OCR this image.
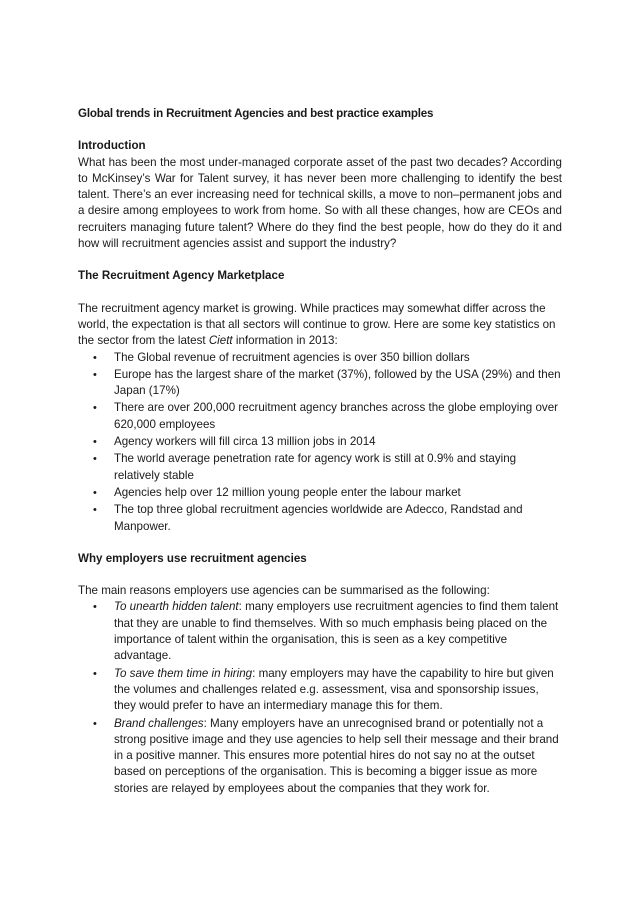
Global trends in Recruitment Agencies and best practice examples
Introduction

What has been the most under-managed corporate asset of the past two decades? According to McKinsey’s War for Talent survey, it has never been more challenging to identify the best talent. There’s an ever increasing need for technical skills, a move to non–permanent jobs and a desire among employees to work from home. So with all these changes, how are CEOs and recruiters managing future talent? Where do they find the best people, how do they do it and how will recruitment agencies assist and support the industry?

The Recruitment Agency Marketplace

The recruitment agency market is growing. While practices may somewhat differ across the world, the expectation is that all sectors will continue to grow. Here are some key statistics on the sector from the latest Ciett information in 2013:

• The Global revenue of recruitment agencies is over 350 billion dollars
• Europe has the largest share of the market (37%), followed by the USA (29%) and then Japan (17%)
• There are over 200,000 recruitment agency branches across the globe employing over 620,000 employees
• Agency workers will fill circa 13 million jobs in 2014
• The world average penetration rate for agency work is still at 0.9% and staying relatively stable
• Agencies help over 12 million young people enter the labour market
• The top three global recruitment agencies worldwide are Adecco, Randstad and Manpower.
Why employers use recruitment agencies

The main reasons employers use agencies can be summarised as the following:

• To unearth hidden talent: many employers use recruitment agencies to find them talent that they are unable to find themselves. With so much emphasis being placed on the importance of talent within the organisation, this is seen as a key competitive advantage.
• To save them time in hiring: many employers may have the capability to hire but given the volumes and challenges related e.g. assessment, visa and sponsorship issues, they would prefer to have an intermediary manage this for them.
• Brand challenges: Many employers have an unrecognised brand or potentially not a strong positive image and they use agencies to help sell their message and their brand in a positive manner. This ensures more potential hires do not say no at the outset based on perceptions of the organisation. This is becoming a bigger issue as more stories are relayed by employees about the companies that they work for.
